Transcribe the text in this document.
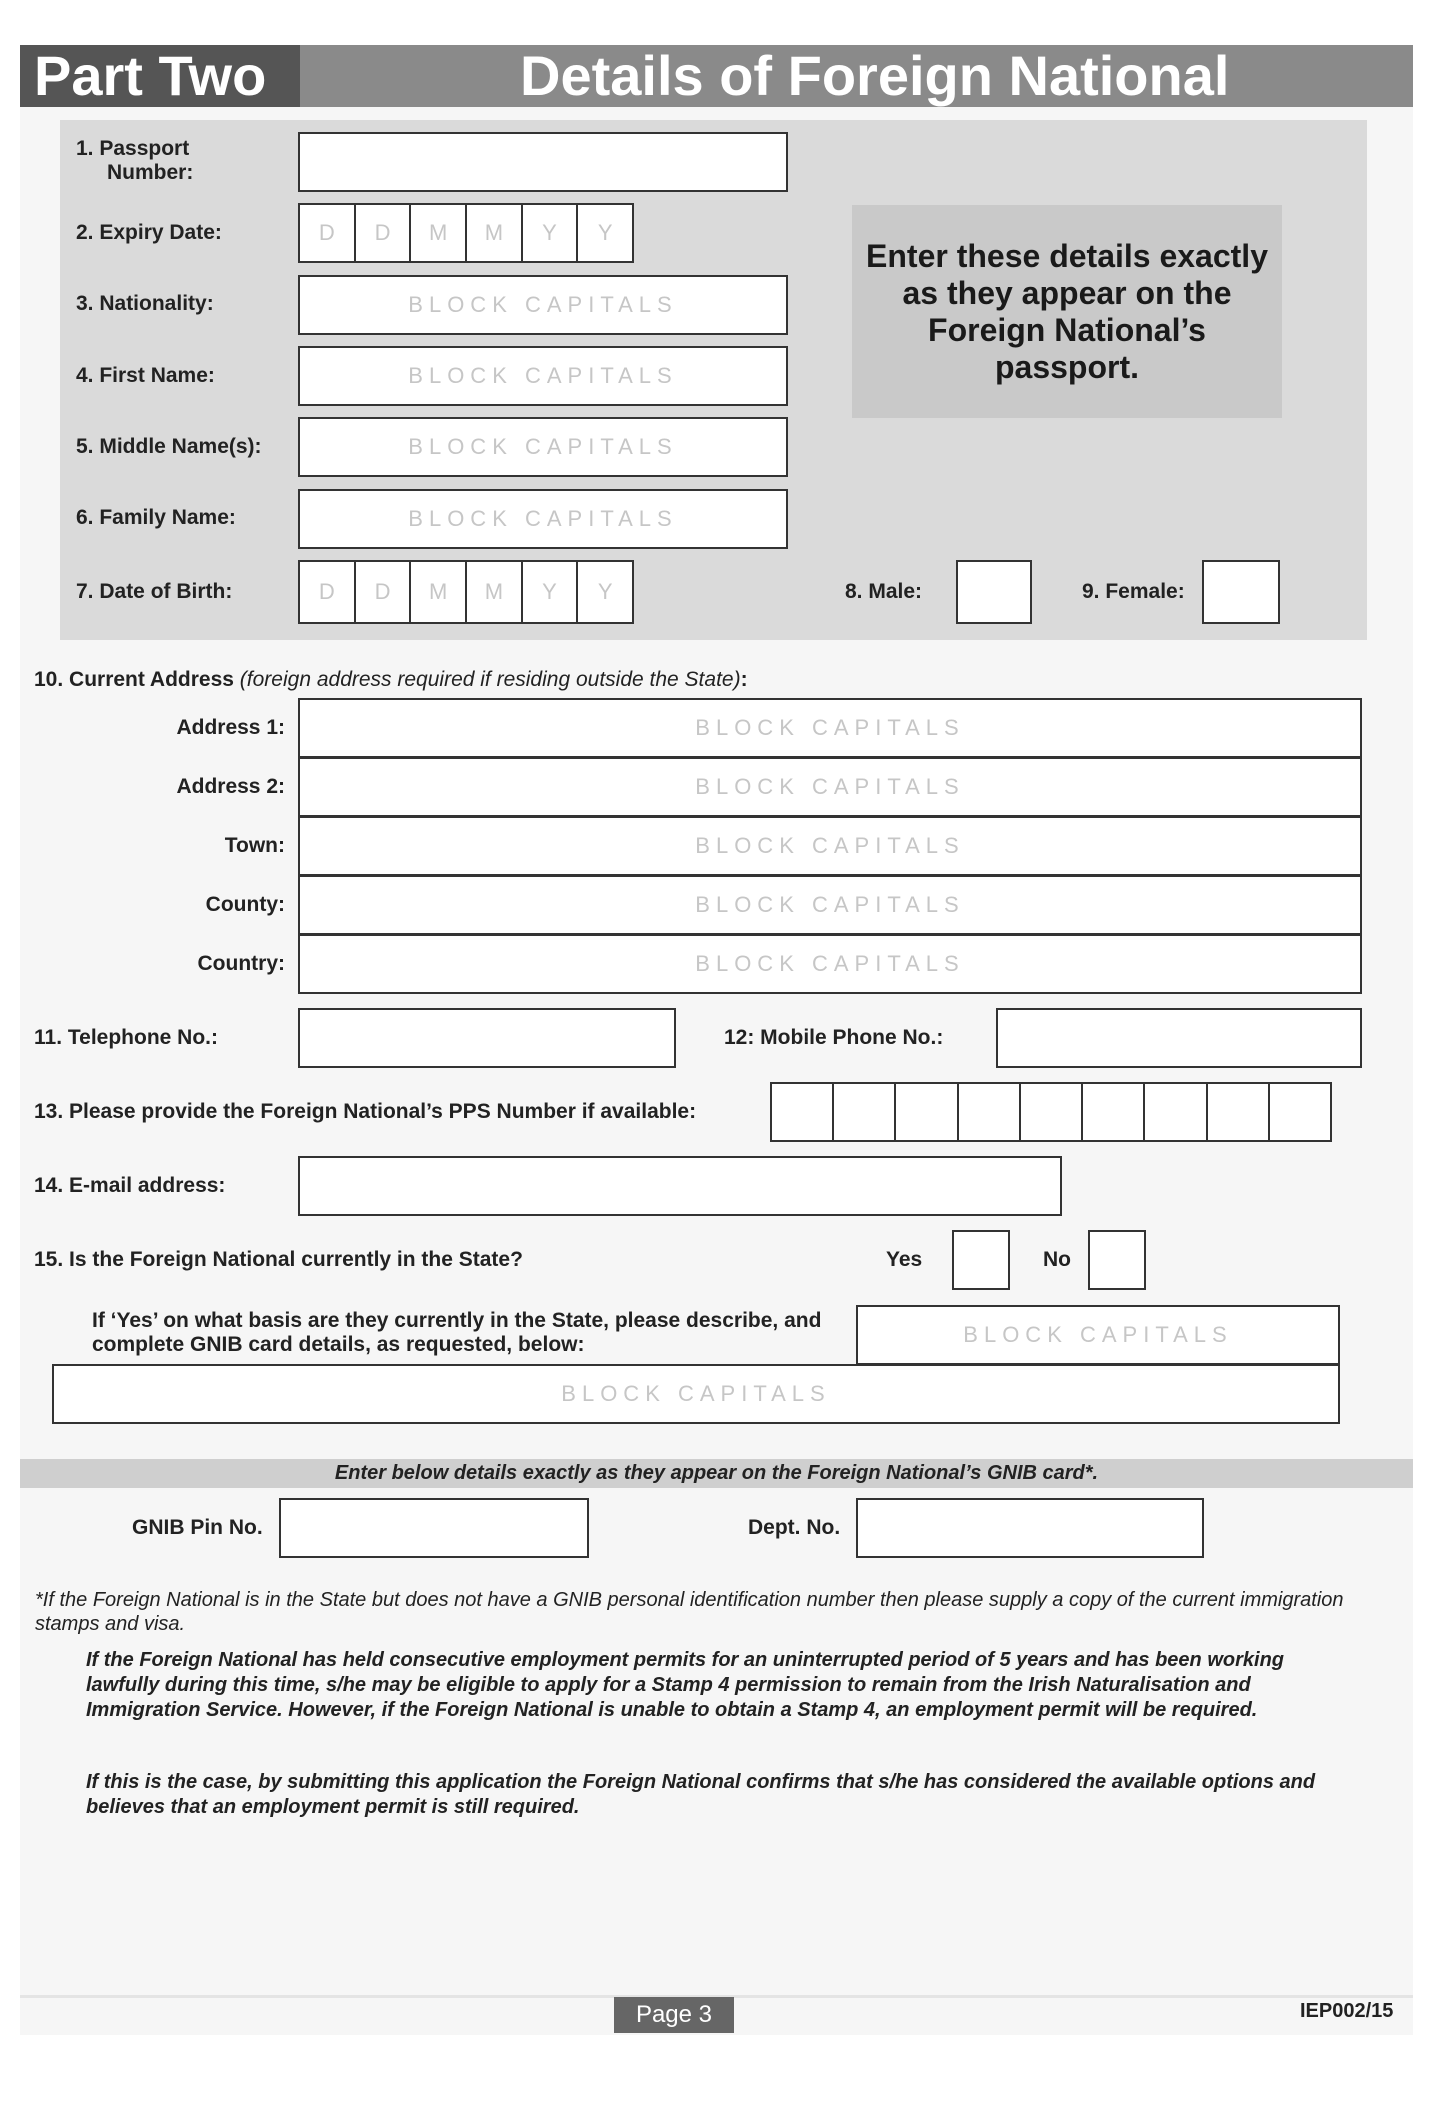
Part Two	Details of Foreign National
1. Passport
Number:
2. Expiry Date:	D	D	M	M	Y	Y
3. Nationality:	BLOCK CAPITALS
4. First Name:	BLOCK CAPITALS
5. Middle Name(s):	BLOCK CAPITALS
6. Family Name:	BLOCK CAPITALS
7. Date of Birth:	D	D	M	M	Y	Y	8. Male:	9. Female:
Enter these details exactly as they appear on the Foreign National’s passport.
10. Current Address (foreign address required if residing outside the State):
Address 1:	BLOCK CAPITALS
Address 2:	BLOCK CAPITALS
Town:	BLOCK CAPITALS
County:	BLOCK CAPITALS
Country:	BLOCK CAPITALS
11. Telephone No.:	12: Mobile Phone No.:
13. Please provide the Foreign National’s PPS Number if available:
14. E-mail address:
15. Is the Foreign National currently in the State?	Yes	No
If ‘Yes’ on what basis are they currently in the State, please describe, and
complete GNIB card details, as requested, below:	BLOCK CAPITALS
BLOCK CAPITALS
Enter below details exactly as they appear on the Foreign National’s GNIB card*.
GNIB Pin No.	Dept. No.
*If the Foreign National is in the State but does not have a GNIB personal identification number then please supply a copy of the current immigration stamps and visa.
If the Foreign National has held consecutive employment permits for an uninterrupted period of 5 years and has been working lawfully during this time, s/he may be eligible to apply for a Stamp 4 permission to remain from the Irish Naturalisation and Immigration Service. However, if the Foreign National is unable to obtain a Stamp 4, an employment permit will be required.
If this is the case, by submitting this application the Foreign National confirms that s/he has considered the available options and believes that an employment permit is still required.
Page 3	IEP002/15
